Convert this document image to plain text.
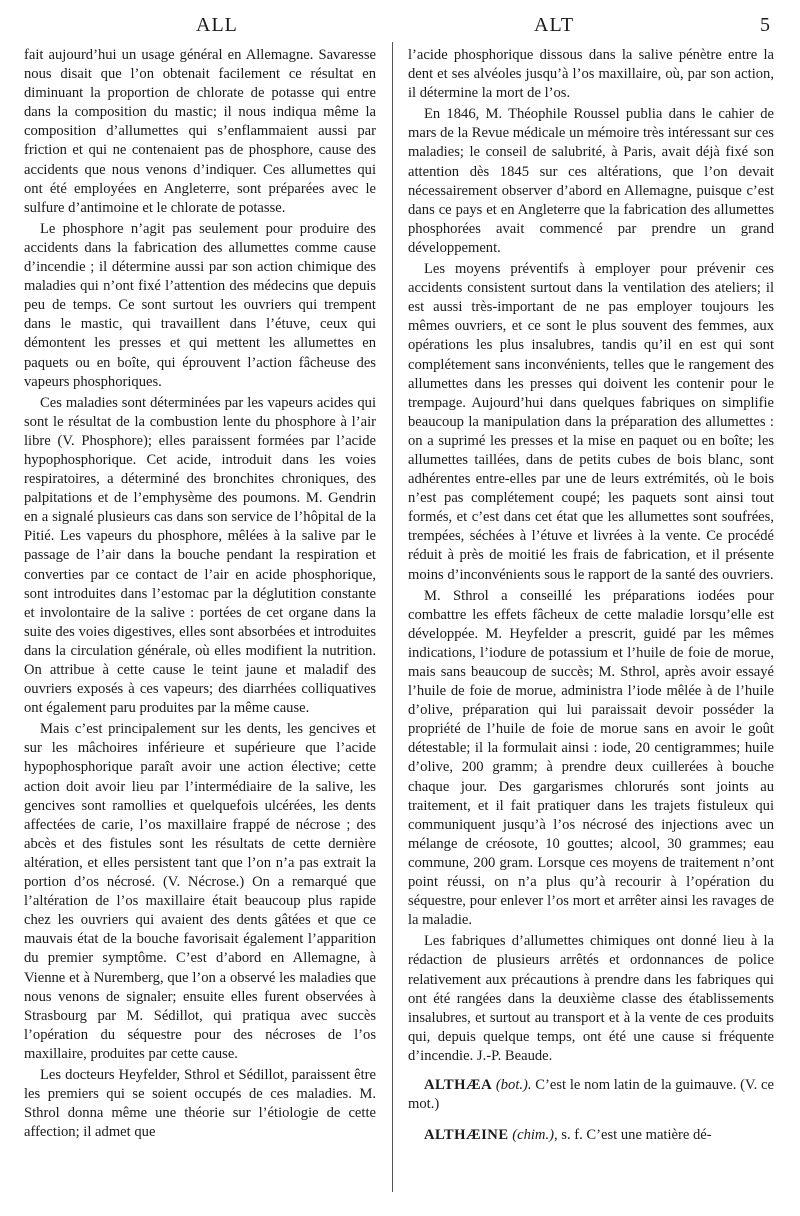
ALL	ALT	5

fait aujourd’hui un usage général en Allemagne. Savaresse nous disait que l’on obtenait facilement ce résultat en diminuant la proportion de chlorate de potasse qui entre dans la composition du mastic; il nous indiqua même la composition d’allumettes qui s’enflammaient aussi par friction et qui ne contenaient pas de phosphore, cause des accidents que nous venons d’indiquer. Ces allumettes qui ont été employées en Angleterre, sont préparées avec le sulfure d’antimoine et le chlorate de potasse.

Le phosphore n’agit pas seulement pour produire des accidents dans la fabrication des allumettes comme cause d’incendie ; il détermine aussi par son action chimique des maladies qui n’ont fixé l’attention des médecins que depuis peu de temps. Ce sont surtout les ouvriers qui trempent dans le mastic, qui travaillent dans l’étuve, ceux qui démontent les presses et qui mettent les allumettes en paquets ou en boîte, qui éprouvent l’action fâcheuse des vapeurs phosphoriques.

Ces maladies sont déterminées par les vapeurs acides qui sont le résultat de la combustion lente du phosphore à l’air libre (V. Phosphore); elles paraissent formées par l’acide hypophosphorique. Cet acide, introduit dans les voies respiratoires, a déterminé des bronchites chroniques, des palpitations et de l’emphysème des poumons. M. Gendrin en a signalé plusieurs cas dans son service de l’hôpital de la Pitié. Les vapeurs du phosphore, mêlées à la salive par le passage de l’air dans la bouche pendant la respiration et converties par ce contact de l’air en acide phosphorique, sont introduites dans l’estomac par la déglutition constante et involontaire de la salive : portées de cet organe dans la suite des voies digestives, elles sont absorbées et introduites dans la circulation générale, où elles modifient la nutrition. On attribue à cette cause le teint jaune et maladif des ouvriers exposés à ces vapeurs; des diarrhées colliquatives ont également paru produites par la même cause.

Mais c’est principalement sur les dents, les gencives et sur les mâchoires inférieure et supérieure que l’acide hypophosphorique paraît avoir une action élective; cette action doit avoir lieu par l’intermédiaire de la salive, les gencives sont ramollies et quelquefois ulcérées, les dents affectées de carie, l’os maxillaire frappé de nécrose ; des abcès et des fistules sont les résultats de cette dernière altération, et elles persistent tant que l’on n’a pas extrait la portion d’os nécrosé. (V. Nécrose.) On a remarqué que l’altération de l’os maxillaire était beaucoup plus rapide chez les ouvriers qui avaient des dents gâtées et que ce mauvais état de la bouche favorisait également l’apparition du premier symptôme. C’est d’abord en Allemagne, à Vienne et à Nuremberg, que l’on a observé les maladies que nous venons de signaler; ensuite elles furent observées à Strasbourg par M. Sédillot, qui pratiqua avec succès l’opération du séquestre pour des nécroses de l’os maxillaire, produites par cette cause.

Les docteurs Heyfelder, Sthrol et Sédillot, paraissent être les premiers qui se soient occupés de ces maladies. M. Sthrol donna même une théorie sur l’étiologie de cette affection; il admet que

l’acide phosphorique dissous dans la salive pénètre entre la dent et ses alvéoles jusqu’à l’os maxillaire, où, par son action, il détermine la mort de l’os.

En 1846, M. Théophile Roussel publia dans le cahier de mars de la Revue médicale un mémoire très intéressant sur ces maladies; le conseil de salubrité, à Paris, avait déjà fixé son attention dès 1845 sur ces altérations, que l’on devait nécessairement observer d’abord en Allemagne, puisque c’est dans ce pays et en Angleterre que la fabrication des allumettes phosphorées avait commencé par prendre un grand développement.

Les moyens préventifs à employer pour prévenir ces accidents consistent surtout dans la ventilation des ateliers; il est aussi très-important de ne pas employer toujours les mêmes ouvriers, et ce sont le plus souvent des femmes, aux opérations les plus insalubres, tandis qu’il en est qui sont complétement sans inconvénients, telles que le rangement des allumettes dans les presses qui doivent les contenir pour le trempage. Aujourd’hui dans quelques fabriques on simplifie beaucoup la manipulation dans la préparation des allumettes : on a suprimé les presses et la mise en paquet ou en boîte; les allumettes taillées, dans de petits cubes de bois blanc, sont adhérentes entre-elles par une de leurs extrémités, où le bois n’est pas complétement coupé; les paquets sont ainsi tout formés, et c’est dans cet état que les allumettes sont soufrées, trempées, séchées à l’étuve et livrées à la vente. Ce procédé réduit à près de moitié les frais de fabrication, et il présente moins d’inconvénients sous le rapport de la santé des ouvriers.

M. Sthrol a conseillé les préparations iodées pour combattre les effets fâcheux de cette maladie lorsqu’elle est développée. M. Heyfelder a prescrit, guidé par les mêmes indications, l’iodure de potassium et l’huile de foie de morue, mais sans beaucoup de succès; M. Sthrol, après avoir essayé l’huile de foie de morue, administra l’iode mêlée à de l’huile d’olive, préparation qui lui paraissait devoir posséder la propriété de l’huile de foie de morue sans en avoir le goût détestable; il la formulait ainsi : iode, 20 centigrammes; huile d’olive, 200 gramm; à prendre deux cuillerées à bouche chaque jour. Des gargarismes chlorurés sont joints au traitement, et il fait pratiquer dans les trajets fistuleux qui communiquent jusqu’à l’os nécrosé des injections avec un mélange de créosote, 10 gouttes; alcool, 30 grammes; eau commune, 200 gram. Lorsque ces moyens de traitement n’ont point réussi, on n’a plus qu’à recourir à l’opération du séquestre, pour enlever l’os mort et arrêter ainsi les ravages de la maladie.

Les fabriques d’allumettes chimiques ont donné lieu à la rédaction de plusieurs arrêtés et ordonnances de police relativement aux précautions à prendre dans les fabriques qui ont été rangées dans la deuxième classe des établissements insalubres, et surtout au transport et à la vente de ces produits qui, depuis quelque temps, ont été une cause si fréquente d’incendie. J.-P. Beaude.

ALTHÆA (bot.). C’est le nom latin de la guimauve. (V. ce mot.)

ALTHÆINE (chim.), s. f. C’est une matière dé-
